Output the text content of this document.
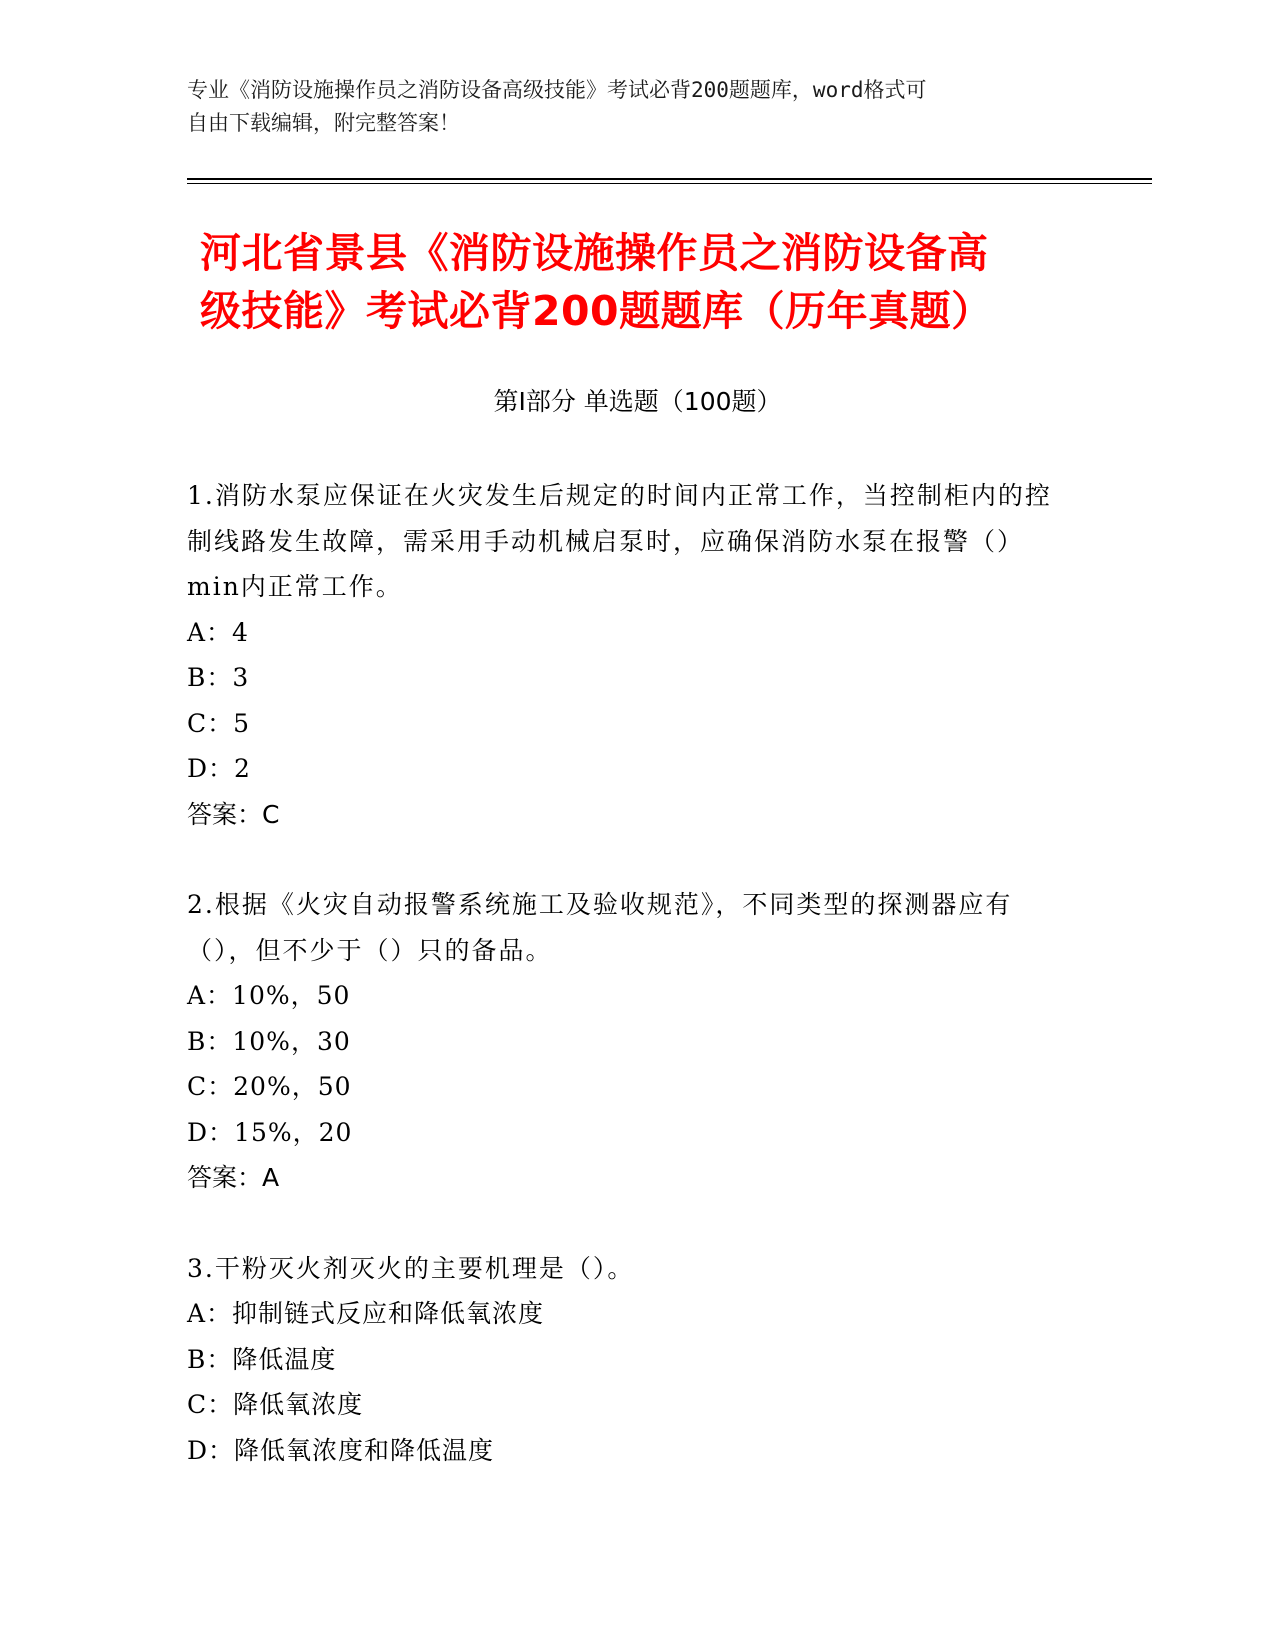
专业《消防设施操作员之消防设备高级技能》考试必背200题题库，word格式可
自由下载编辑，附完整答案！
河北省景县《消防设施操作员之消防设备高
级技能》考试必背200题题库（历年真题）
第Ⅰ部分 单选题（100题）
1.消防水泵应保证在火灾发生后规定的时间内正常工作，当控制柜内的控制线路发生故障，需采用手动机械启泵时，应确保消防水泵在报警（）min内正常工作。
A：4
B：3
C：5
D：2
答案：C
2.根据《火灾自动报警系统施工及验收规范》，不同类型的探测器应有（），但不少于（）只的备品。
A：10%，50
B：10%，30
C：20%，50
D：15%，20
答案：A
3.干粉灭火剂灭火的主要机理是（）。
A：抑制链式反应和降低氧浓度
B：降低温度
C：降低氧浓度
D：降低氧浓度和降低温度
